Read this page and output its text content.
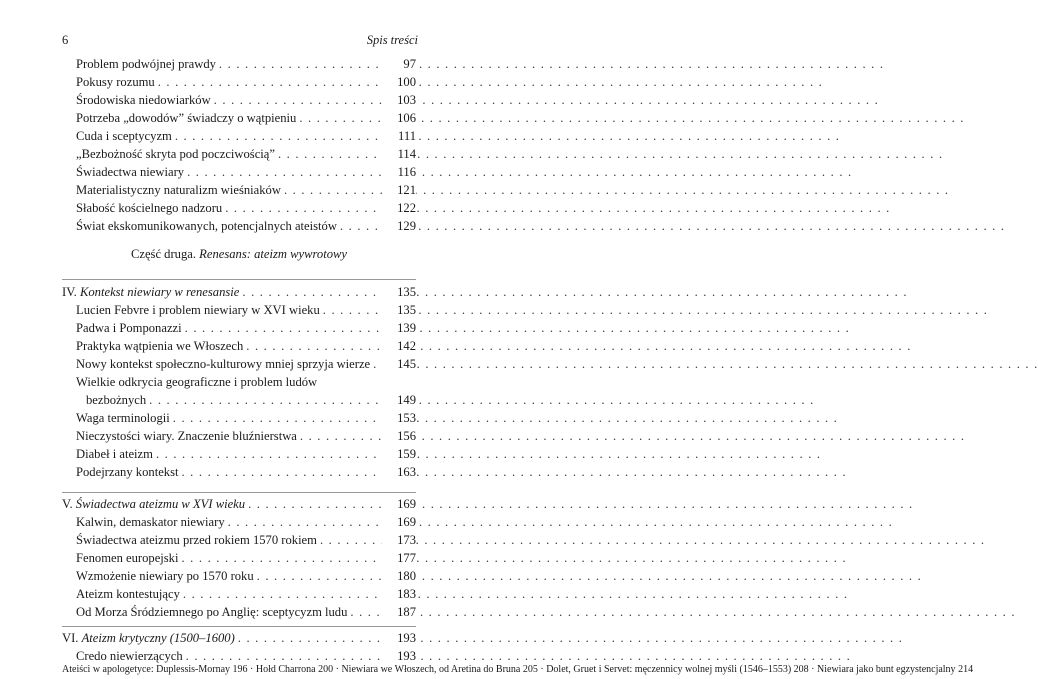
6	Spis treści
Problem podwójnej prawdy . . .	97
Pokusy rozumu . . .	100
Środowiska niedowiarków . . .	103
Potrzeba „dowodów” świadczy o wątpieniu . . .	106
Cuda i sceptycyzm . . .	111
„Bezbożność skryta pod poczciwością” . . .	114
Świadectwa niewiary . . .	116
Materialistyczny naturalizm wieśniaków . . .	121
Słabość kościelnego nadzoru . . .	122
Świat ekskomunikowanych, potencjalnych ateistów . . .	129
Część druga. Renesans: ateizm wywrotowy
IV. Kontekst niewiary w renesansie . . .	135
Lucien Febvre i problem niewiary w XVI wieku . . .	135
Padwa i Pomponazzi . . .	139
Praktyka wątpienia we Włoszech . . .	142
Nowy kontekst społeczno-kulturowy mniej sprzyja wierze . . .	145
Wielkie odkrycia geograficzne i problem ludów
bezbożnych . . .	149
Waga terminologii . . .	153
Nieczystości wiary. Znaczenie bluźnierstwa . . .	156
Diabeł i ateizm . . .	159
Podejrzany kontekst . . .	163
V. Świadectwa ateizmu w XVI wieku . . .	169
Kalwin, demaskator niewiary . . .	169
Świadectwa ateizmu przed rokiem 1570 rokiem . . .	173
Fenomen europejski . . .	177
Wzmożenie niewiary po 1570 roku . . .	180
Ateizm kontestujący . . .	183
Od Morza Śródziemnego po Anglię: sceptycyzm ludu . . .	187
VI. Ateizm krytyczny (1500–1600) . . .	193
Credo niewierzących . . .	193
Ateiści w apologetyce: Duplessis-Mornay 196 · Hołd Charrona 200 · Niewiara we Włoszech, od Aretina do Bruna 205 · Dolet, Gruet i Servet: męczennicy wolnej myśli (1546–1553) 208 · Niewiara jako bunt egzystencjalny 214
